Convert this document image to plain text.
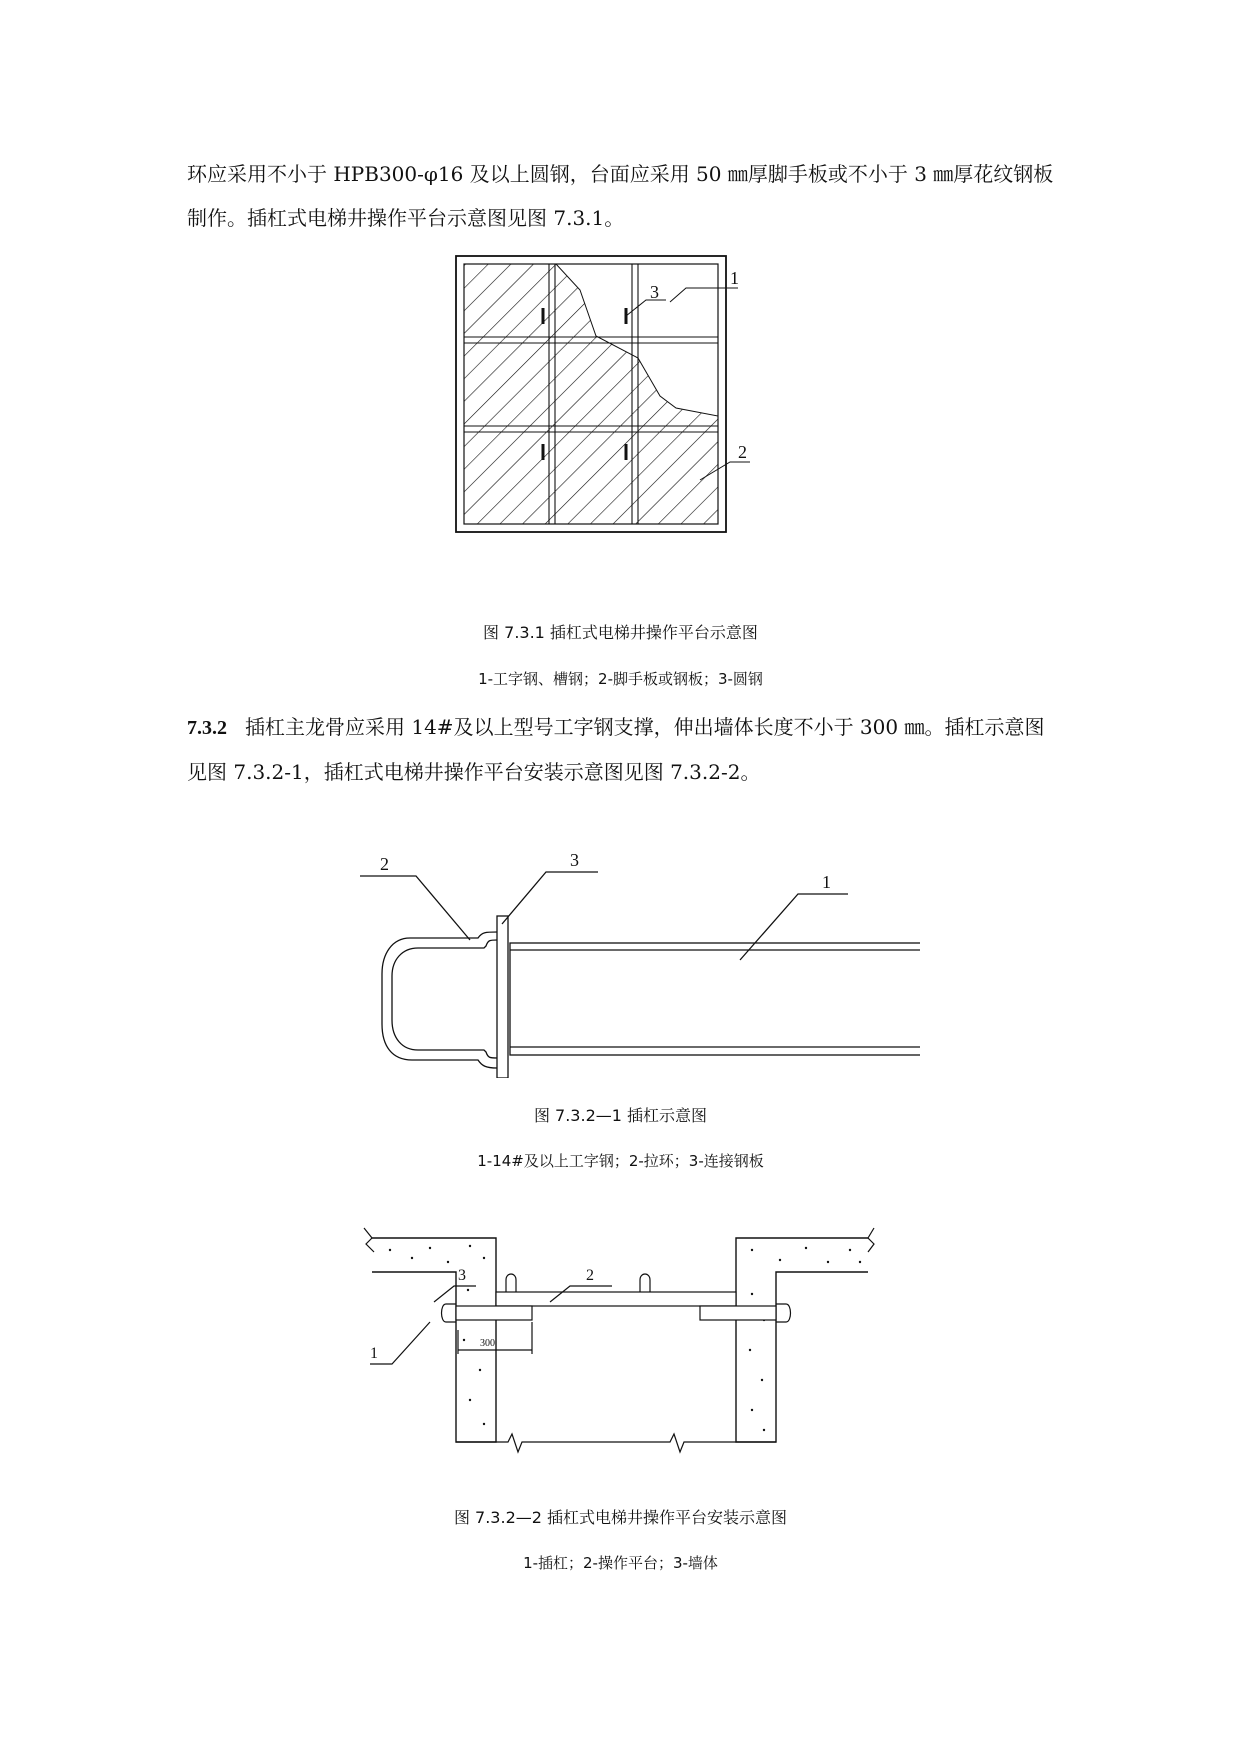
环应采用不小于 HPB300-φ16 及以上圆钢，台面应采用 50 ㎜厚脚手板或不小于 3 ㎜厚花纹钢板制作。插杠式电梯井操作平台示意图见图 7.3.1。

1
3
2
图 7.3.1 插杠式电梯井操作平台示意图
1-工字钢、槽钢；2-脚手板或钢板；3-圆钢

7.3.2 插杠主龙骨应采用 14#及以上型号工字钢支撑，伸出墙体长度不小于 300 ㎜。插杠示意图见图 7.3.2-1，插杠式电梯井操作平台安装示意图见图 7.3.2-2。

2	3
1
图 7.3.2—1 插杠示意图
1-14#及以上工字钢；2-拉环；3-连接钢板
3	2
1
300
图 7.3.2—2 插杠式电梯井操作平台安装示意图
1-插杠；2-操作平台；3-墙体
